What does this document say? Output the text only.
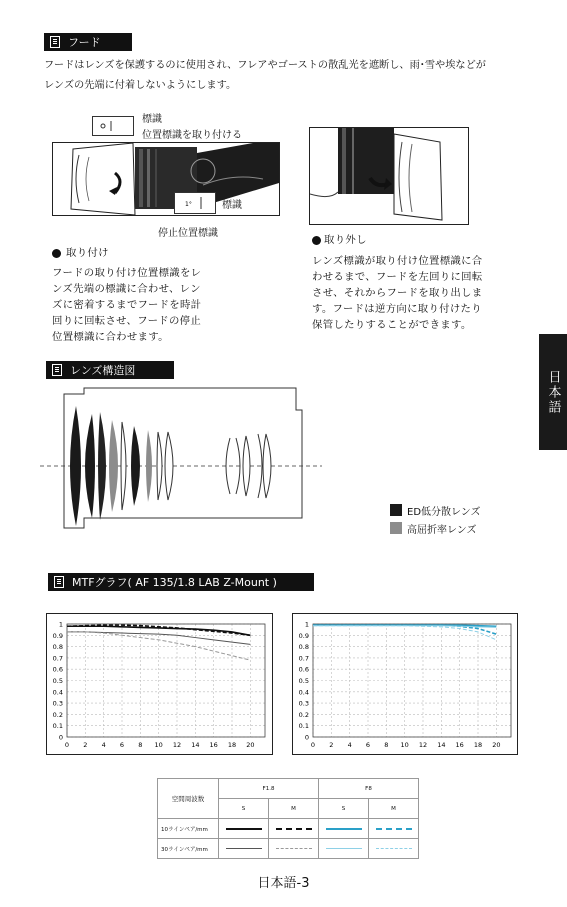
フード
フードはレンズを保護するのに使用され、フレアやゴーストの散乱光を遮断し、雨･雪や埃などが
レンズの先端に付着しないようにします。
標識
位置標識を取り付ける
1°	標識
停止位置標識
取り付け
フードの取り付け位置標識をレ
ンズ先端の標識に合わせ、レン
ズに密着するまでフードを時計
回りに回転させ、フードの停止
位置標識に合わせます。
取り外し
レンズ標識が取り付け位置標識に合
わせるまで、フードを左回りに回転
させ、それからフードを取り出しま
す。フードは逆方向に取り付けたり
保管したりすることができます。
日本語
レンズ構造図
ED低分散レンズ
高屈折率レンズ
MTFグラフ( AF 135/1.8 LAB Z-Mount )
0
0.1
0.2
0.3
0.4
0.5
0.6
0.7
0.8
0.9
1
0 2 4 6 8 10 12 14 16 18 20
0
0.1
0.2
0.3
0.4
0.5
0.6
0.7
0.8
0.9
1
0 2 4 6 8 10 12 14 16 18 20
空間周波数	F1.8		F8	
	S	M	S	M
10ラインペア/mm	

30ラインペア/mm	

日本語-3
